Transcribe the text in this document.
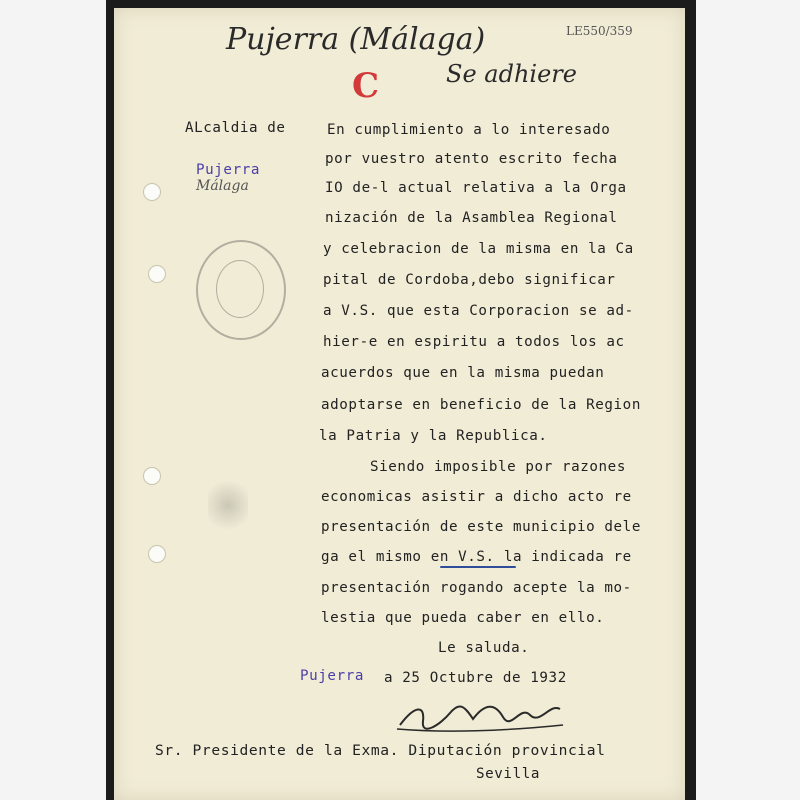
Pujerra (Málaga)
C	Se adhiere
LE550/359
ALcaldia de
Pujerra
Málaga
En cumplimiento a lo interesado
por vuestro atento escrito fecha
IO de-l actual relativa a la Orga
nización de la Asamblea Regional
y celebracion de la misma en la Ca
pital de Cordoba,debo significar
a V.S. que esta Corporacion se ad-
hier-e en espiritu a todos los ac
acuerdos que en la misma puedan
adoptarse en beneficio de la Region
la Patria y la Republica.
Siendo imposible por razones
economicas asistir a dicho acto re
presentación de este municipio dele
ga el mismo en V.S. la indicada re
presentación rogando acepte la mo-
lestia que pueda caber en ello.
Le saluda.
Pujerra a 25 Octubre de 1932
Sr. Presidente de la Exma. Diputación provincial
Sevilla
